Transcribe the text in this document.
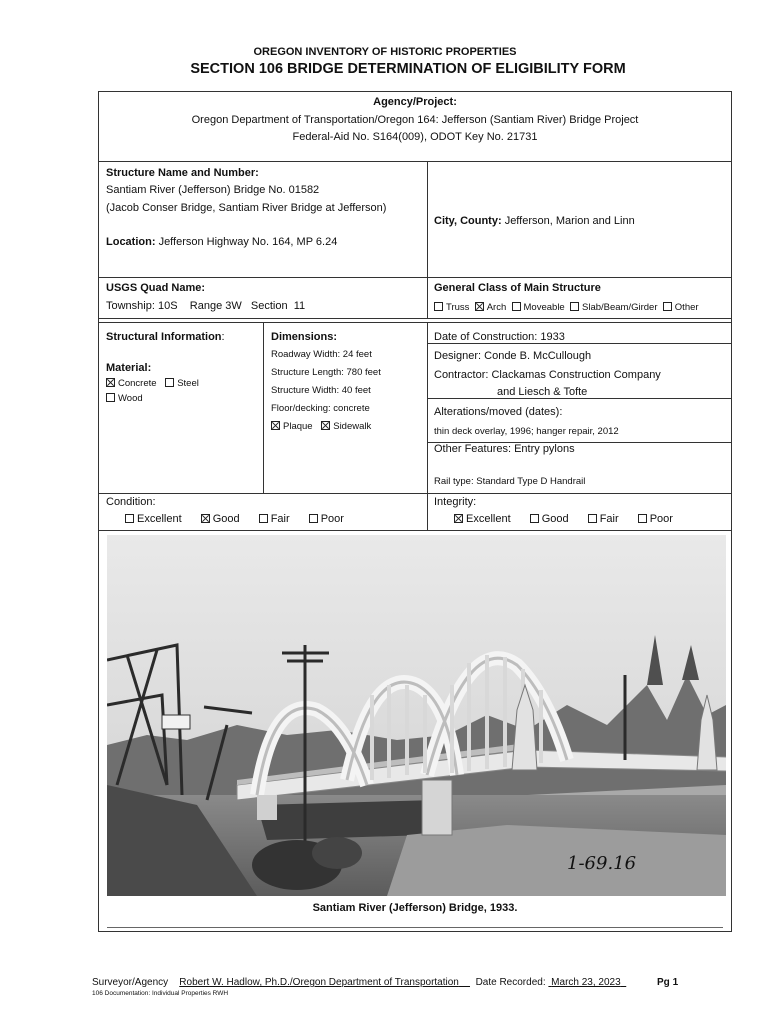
OREGON INVENTORY OF HISTORIC PROPERTIES
SECTION 106 BRIDGE DETERMINATION OF ELIGIBILITY FORM
Agency/Project:
Oregon Department of Transportation/Oregon 164: Jefferson (Santiam River) Bridge Project
Federal-Aid No. S164(009), ODOT Key No. 21731
Structure Name and Number:
Santiam River (Jefferson) Bridge No. 01582
(Jacob Conser Bridge, Santiam River Bridge at Jefferson)
Location: Jefferson Highway No. 164, MP 6.24
City, County: Jefferson, Marion and Linn
USGS Quad Name:
Township: 10S    Range 3W   Section  11
General Class of Main Structure
Truss Arch Moveable Slab/Beam/Girder Other
Structural Information:
Material:
Concrete Steel
Wood
Dimensions:
Roadway Width: 24 feet
Structure Length: 780 feet
Structure Width: 40 feet
Floor/decking: concrete
Plaque Sidewalk
Date of Construction: 1933
Designer: Conde B. McCullough
Contractor: Clackamas Construction Company
and Liesch & Tofte
Alterations/moved (dates):
thin deck overlay, 1996; hanger repair, 2012
Other Features: Entry pylons
Rail type: Standard Type D Handrail
Condition:
Excellent	Good	Fair	Poor
Integrity:
Excellent	Good	Fair	Poor
1-69.16
Santiam River (Jefferson) Bridge, 1933.
Surveyor/Agency Robert W. Hadlow, Ph.D./Oregon Department of Transportation Date Recorded: March 23, 2023	Pg 1
106 Documentation: Individual Properties RWH
